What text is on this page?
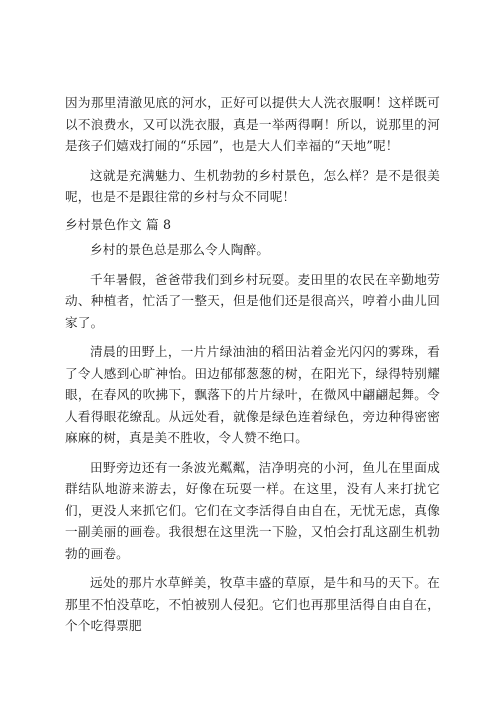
因为那里清澈见底的河水，正好可以提供大人洗衣服啊！这样既可以不浪费水，又可以洗衣服，真是一举两得啊！所以，说那里的河是孩子们嬉戏打闹的“乐园”，也是大人们幸福的“天地”呢！

这就是充满魅力、生机勃勃的乡村景色，怎么样？是不是很美呢，也是不是跟往常的乡村与众不同呢！

乡村景色作文 篇 8

乡村的景色总是那么令人陶醉。

千年暑假，爸爸带我们到乡村玩耍。麦田里的农民在辛勤地劳动、种植者，忙活了一整天，但是他们还是很高兴，哼着小曲儿回家了。

清晨的田野上，一片片绿油油的稻田沾着金光闪闪的雾珠，看了令人感到心旷神怡。田边郁郁葱葱的树，在阳光下，绿得特别耀眼，在春风的吹拂下，飘落下的片片绿叶，在微风中翩翩起舞。令人看得眼花缭乱。从远处看，就像是绿色连着绿色，旁边种得密密麻麻的树，真是美不胜收，令人赞不绝口。

田野旁边还有一条波光粼粼，洁净明亮的小河，鱼儿在里面成群结队地游来游去，好像在玩耍一样。在这里，没有人来打扰它们，更没人来抓它们。它们在文李活得自由自在，无忧无虑，真像一副美丽的画卷。我很想在这里洗一下脸，又怕会打乱这副生机勃勃的画卷。

远处的那片水草鲜美，牧草丰盛的草原，是牛和马的天下。在那里不怕没草吃，不怕被别人侵犯。它们也再那里活得自由自在，个个吃得票肥
